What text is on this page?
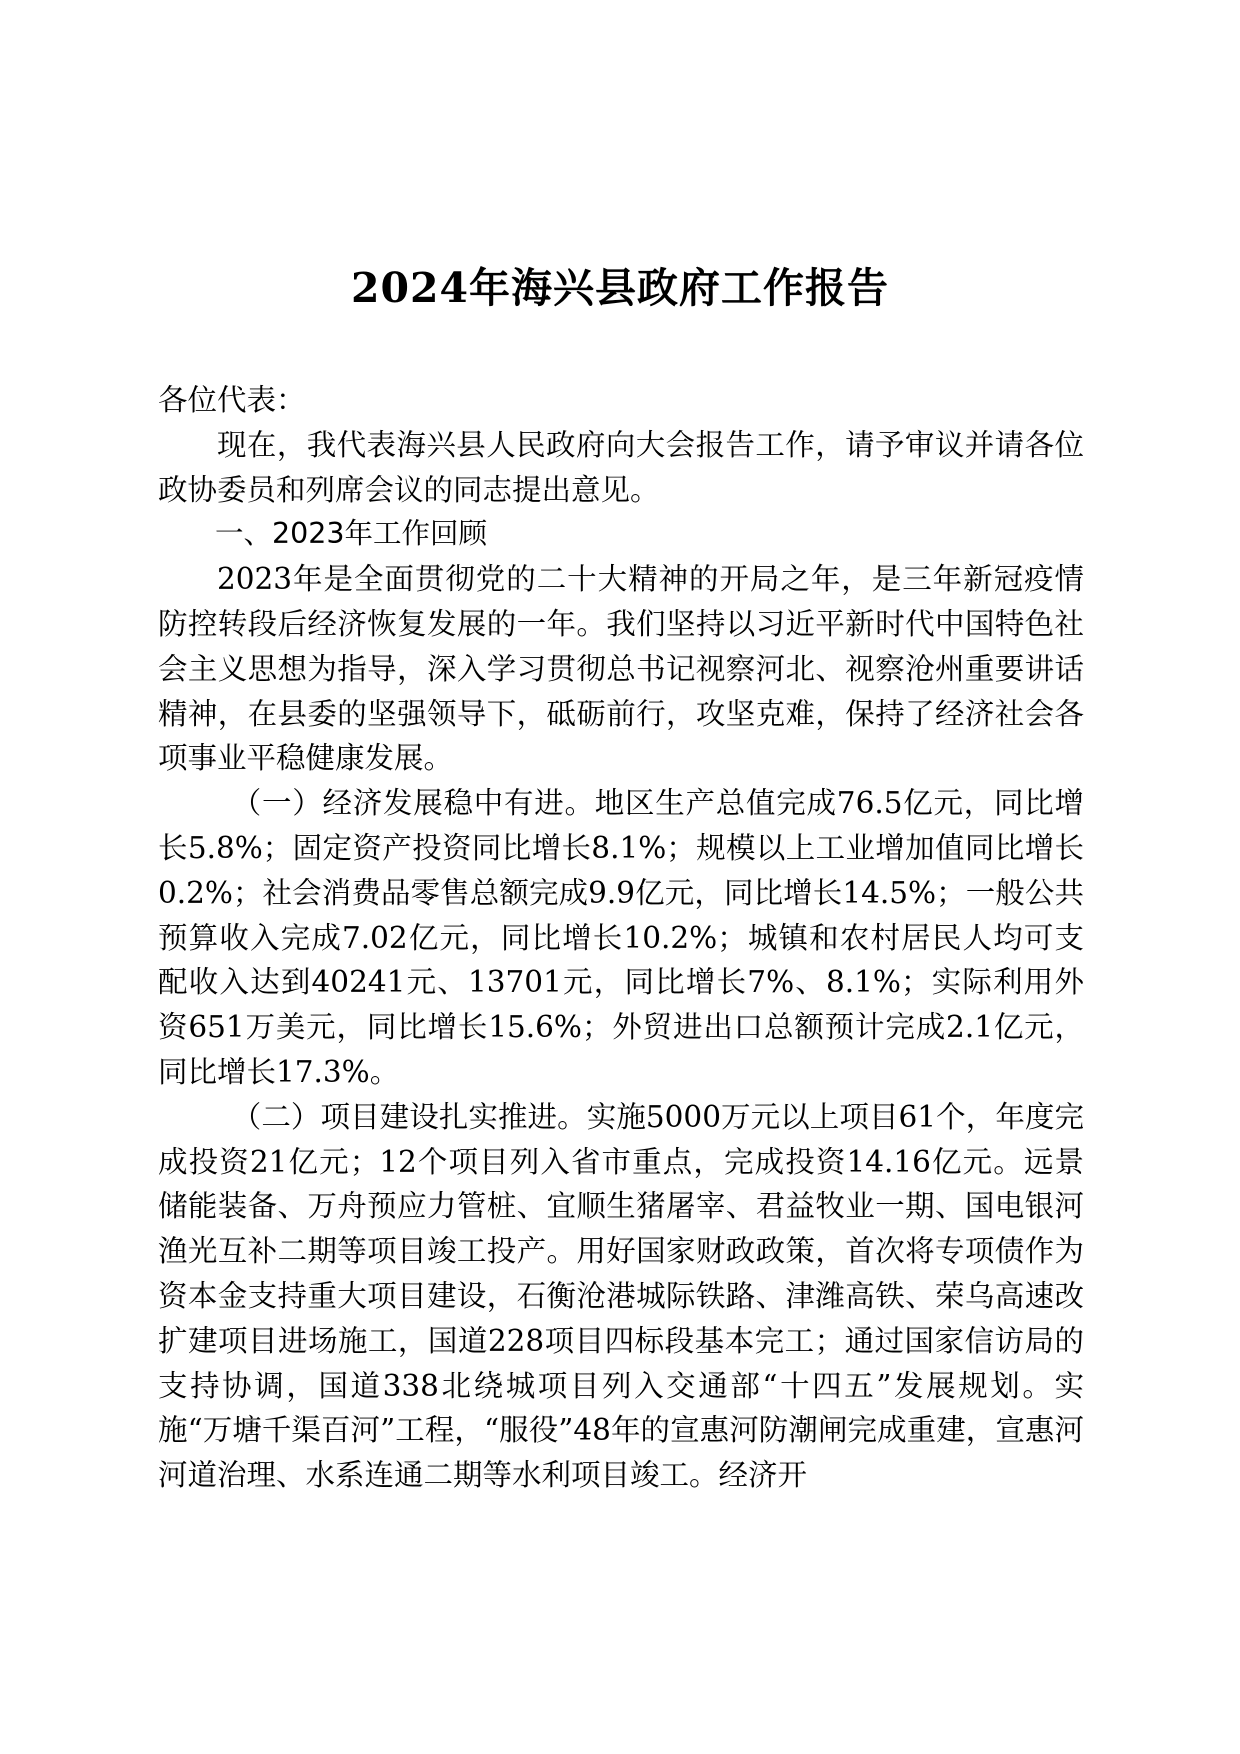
2024年海兴县政府工作报告

各位代表：

现在，我代表海兴县人民政府向大会报告工作，请予审议并请各位政协委员和列席会议的同志提出意见。

一、2023年工作回顾

2023年是全面贯彻党的二十大精神的开局之年，是三年新冠疫情防控转段后经济恢复发展的一年。我们坚持以习近平新时代中国特色社会主义思想为指导，深入学习贯彻总书记视察河北、视察沧州重要讲话精神，在县委的坚强领导下，砥砺前行，攻坚克难，保持了经济社会各项事业平稳健康发展。

（一）经济发展稳中有进。地区生产总值完成76.5亿元，同比增长5.8%；固定资产投资同比增长8.1%；规模以上工业增加值同比增长0.2%；社会消费品零售总额完成9.9亿元，同比增长14.5%；一般公共预算收入完成7.02亿元，同比增长10.2%；城镇和农村居民人均可支配收入达到40241元、13701元，同比增长7%、8.1%；实际利用外资651万美元，同比增长15.6%；外贸进出口总额预计完成2.1亿元，同比增长17.3%。

（二）项目建设扎实推进。实施5000万元以上项目61个，年度完成投资21亿元；12个项目列入省市重点，完成投资14.16亿元。远景储能装备、万舟预应力管桩、宜顺生猪屠宰、君益牧业一期、国电银河渔光互补二期等项目竣工投产。用好国家财政政策，首次将专项债作为资本金支持重大项目建设，石衡沧港城际铁路、津潍高铁、荣乌高速改扩建项目进场施工，国道228项目四标段基本完工；通过国家信访局的支持协调，国道338北绕城项目列入交通部“十四五”发展规划。实施“万塘千渠百河”工程，“服役”48年的宣惠河防潮闸完成重建，宣惠河河道治理、水系连通二期等水利项目竣工。经济开
